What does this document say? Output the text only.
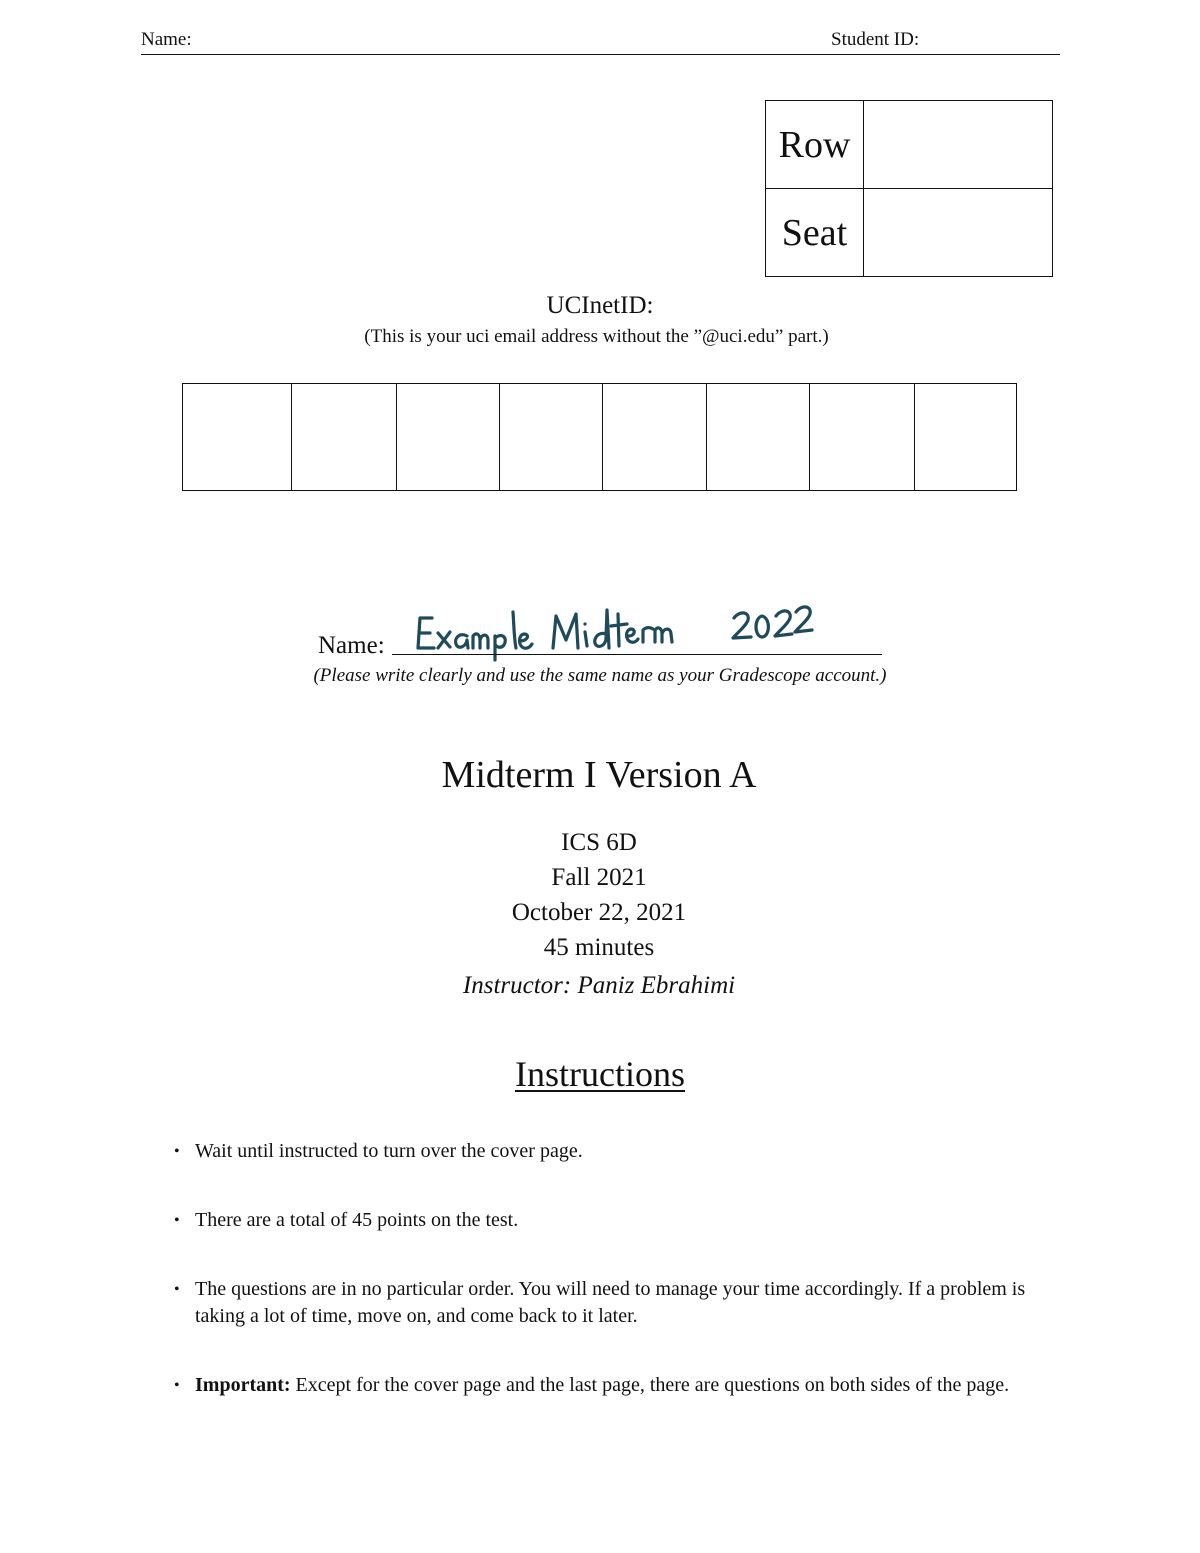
Name:	Student ID:
Row	
Seat	
UCInetID:
(This is your uci email address without the ”@uci.edu” part.)
Name:
(Please write clearly and use the same name as your Gradescope account.)
Midterm I Version A
ICS 6D
Fall 2021
October 22, 2021
45 minutes
Instructor: Paniz Ebrahimi
Instructions
• Wait until instructed to turn over the cover page.
• There are a total of 45 points on the test.
• The questions are in no particular order. You will need to manage your time accordingly. If a problem is taking a lot of time, move on, and come back to it later.
• Important: Except for the cover page and the last page, there are questions on both sides of the page.
